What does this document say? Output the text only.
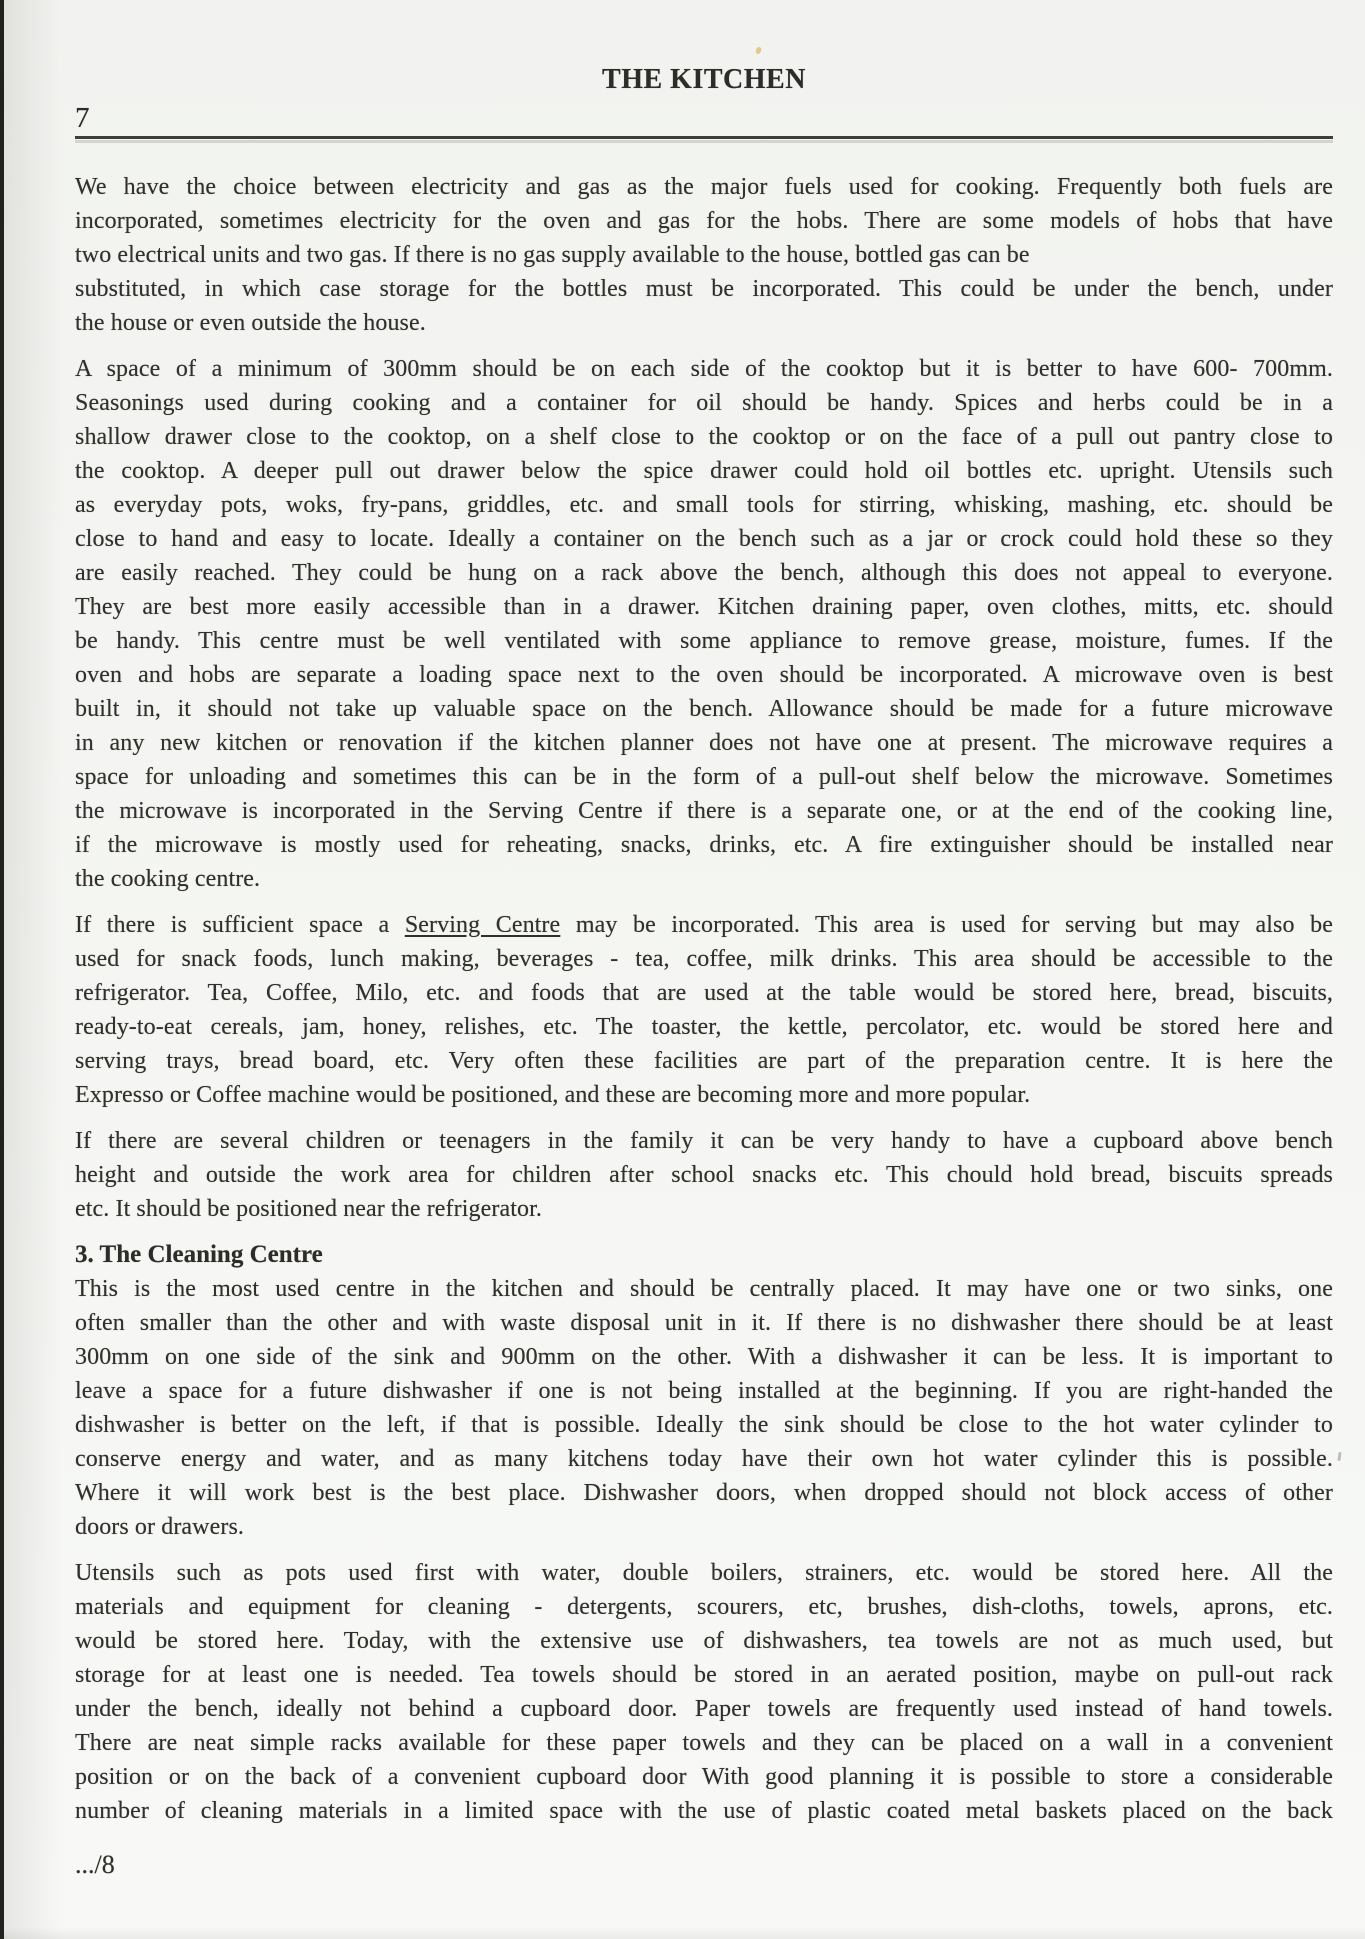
THE KITCHEN
7
We have the choice between electricity and gas as the major fuels used for cooking. Frequently both fuels are
incorporated, sometimes electricity for the oven and gas for the hobs. There are some models of hobs that have
two electrical units and two gas. If there is no gas supply available to the house, bottled gas can be
substituted, in which case storage for the bottles must be incorporated. This could be under the bench, under
the house or even outside the house.
A space of a minimum of 300mm should be on each side of the cooktop but it is better to have 600- 700mm.
Seasonings used during cooking and a container for oil should be handy. Spices and herbs could be in a
shallow drawer close to the cooktop, on a shelf close to the cooktop or on the face of a pull out pantry close to
the cooktop. A deeper pull out drawer below the spice drawer could hold oil bottles etc. upright. Utensils such
as everyday pots, woks, fry-pans, griddles, etc. and small tools for stirring, whisking, mashing, etc. should be
close to hand and easy to locate. Ideally a container on the bench such as a jar or crock could hold these so they
are easily reached. They could be hung on a rack above the bench, although this does not appeal to everyone.
They are best more easily accessible than in a drawer. Kitchen draining paper, oven clothes, mitts, etc. should
be handy. This centre must be well ventilated with some appliance to remove grease, moisture, fumes. If the
oven and hobs are separate a loading space next to the oven should be incorporated. A microwave oven is best
built in, it should not take up valuable space on the bench. Allowance should be made for a future microwave
in any new kitchen or renovation if the kitchen planner does not have one at present. The microwave requires a
space for unloading and sometimes this can be in the form of a pull-out shelf below the microwave. Sometimes
the microwave is incorporated in the Serving Centre if there is a separate one, or at the end of the cooking line,
if the microwave is mostly used for reheating, snacks, drinks, etc. A fire extinguisher should be installed near
the cooking centre.
If there is sufficient space a Serving Centre may be incorporated. This area is used for serving but may also be
used for snack foods, lunch making, beverages - tea, coffee, milk drinks. This area should be accessible to the
refrigerator. Tea, Coffee, Milo, etc. and foods that are used at the table would be stored here, bread, biscuits,
ready-to-eat cereals, jam, honey, relishes, etc. The toaster, the kettle, percolator, etc. would be stored here and
serving trays, bread board, etc. Very often these facilities are part of the preparation centre. It is here the
Expresso or Coffee machine would be positioned, and these are becoming more and more popular.
If there are several children or teenagers in the family it can be very handy to have a cupboard above bench
height and outside the work area for children after school snacks etc. This chould hold bread, biscuits spreads
etc. It should be positioned near the refrigerator.
3. The Cleaning Centre
This is the most used centre in the kitchen and should be centrally placed. It may have one or two sinks, one
often smaller than the other and with waste disposal unit in it. If there is no dishwasher there should be at least
300mm on one side of the sink and 900mm on the other. With a dishwasher it can be less. It is important to
leave a space for a future dishwasher if one is not being installed at the beginning. If you are right-handed the
dishwasher is better on the left, if that is possible. Ideally the sink should be close to the hot water cylinder to
conserve energy and water, and as many kitchens today have their own hot water cylinder this is possible.
Where it will work best is the best place. Dishwasher doors, when dropped should not block access of other
doors or drawers.
Utensils such as pots used first with water, double boilers, strainers, etc. would be stored here. All the
materials and equipment for cleaning - detergents, scourers, etc, brushes, dish-cloths, towels, aprons, etc.
would be stored here. Today, with the extensive use of dishwashers, tea towels are not as much used, but
storage for at least one is needed. Tea towels should be stored in an aerated position, maybe on pull-out rack
under the bench, ideally not behind a cupboard door. Paper towels are frequently used instead of hand towels.
There are neat simple racks available for these paper towels and they can be placed on a wall in a convenient
position or on the back of a convenient cupboard door With good planning it is possible to store a considerable
number of cleaning materials in a limited space with the use of plastic coated metal baskets placed on the back
.../8
